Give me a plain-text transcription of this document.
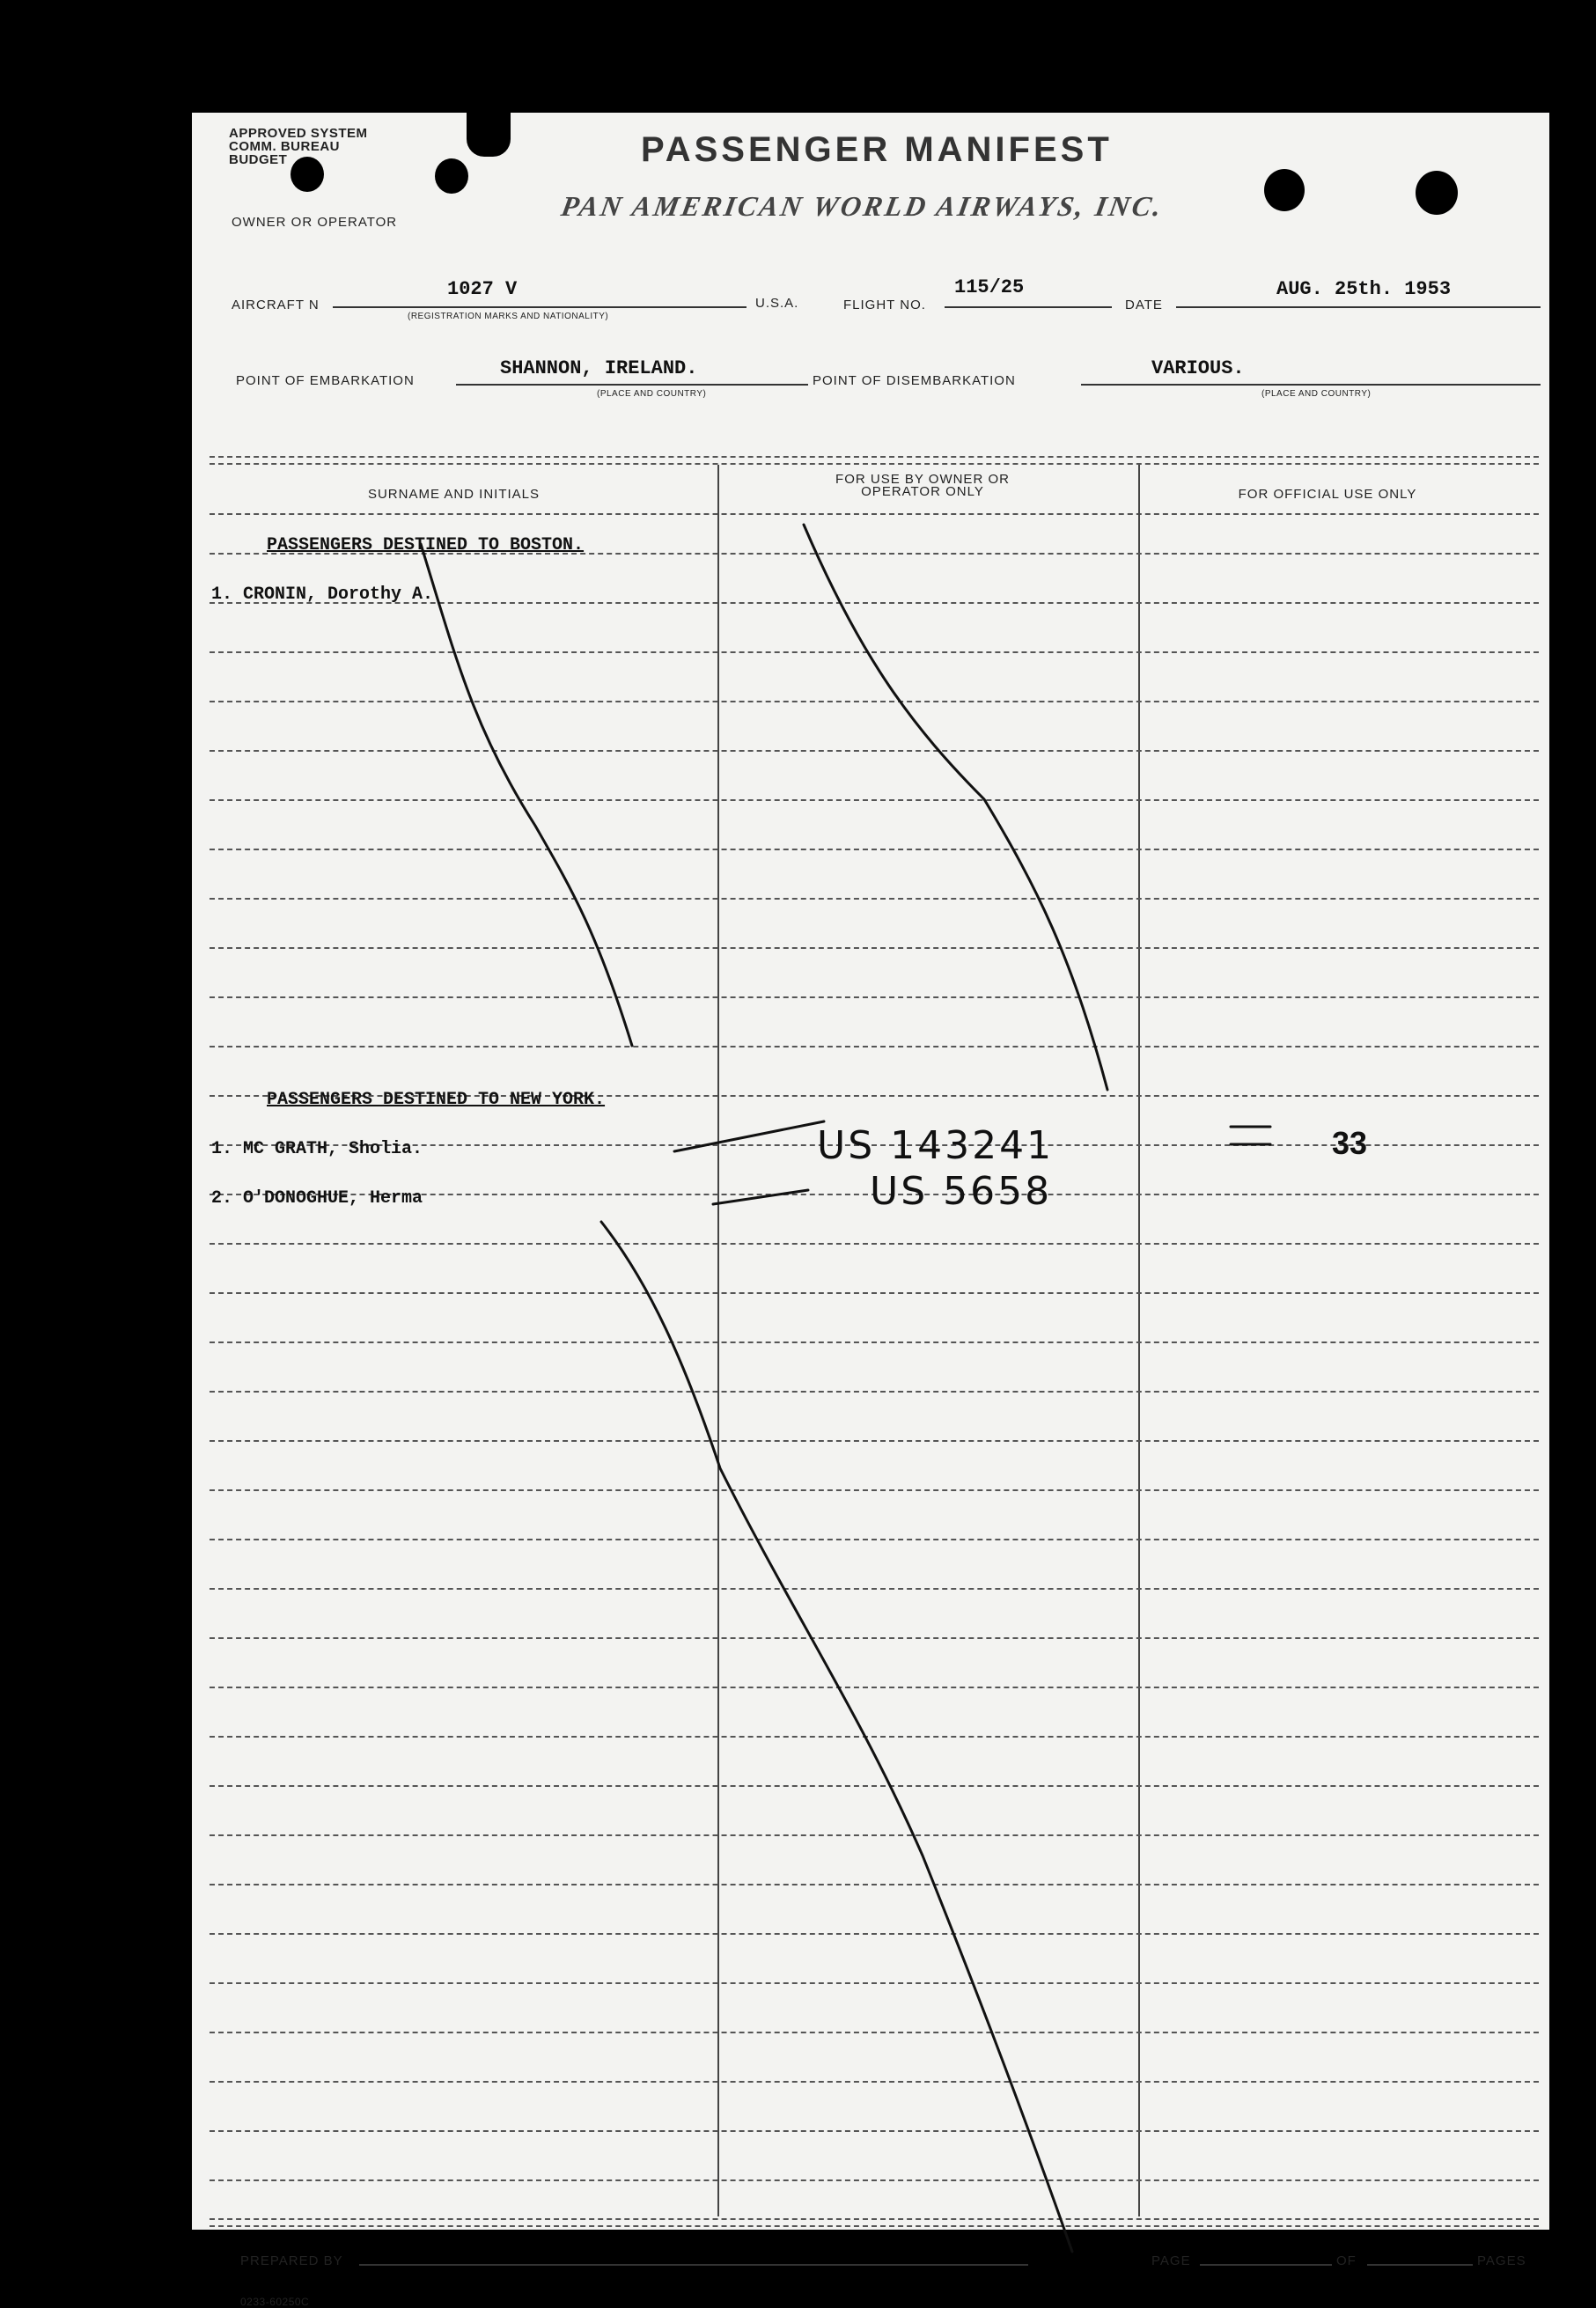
APPROVED SYSTEM COMM. BUREAU BUDGET	PASSENGER MANIFEST
PAN AMERICAN WORLD AIRWAYS, INC.
OWNER OR OPERATOR
AIRCRAFT N
1027 V
(REGISTRATION MARKS AND NATIONALITY)
U.S.A.	FLIGHT NO.
115/25
DATE
AUG. 25th. 1953
POINT OF EMBARKATION
SHANNON, IRELAND.
(PLACE AND COUNTRY)
POINT OF DISEMBARKATION
VARIOUS.
(PLACE AND COUNTRY)
SURNAME AND INITIALS
FOR USE BY OWNER OR OPERATOR ONLY	FOR OFFICIAL USE ONLY
PASSENGERS DESTINED TO BOSTON.
1. CRONIN, Dorothy A.
PASSENGERS DESTINED TO NEW YORK.
1. MC GRATH, Sholia.	US 143241	33
2. O'DONOGHUE, Herma	US 5658
PREPARED BY	PAGE	OF	PAGES
0233-60250C
